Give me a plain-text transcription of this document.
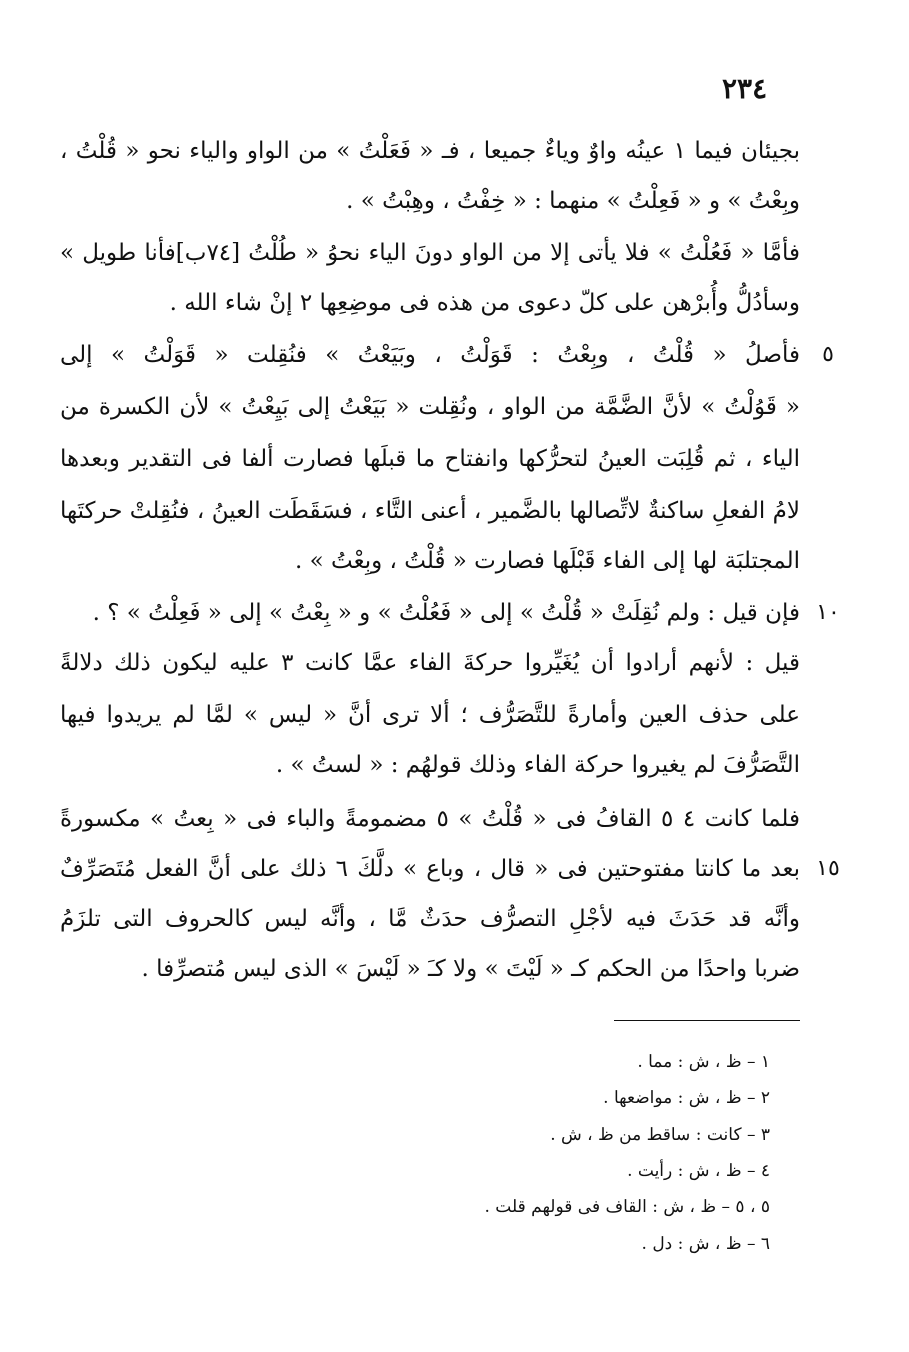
٢٣٤
بجيئان فيما ١ عينُه واوٌ وياءٌ جميعا ، فـ « فَعَلْتُ » من الواو والياء نحو « قُلْتُ ،
وبِعْتُ » و « فَعِلْتُ » منهما : « خِفْتُ ، وهِبْتُ » .
فأمَّا « فَعُلْتُ » فلا يأتى إلا من الواو دونَ الياء نحوُ « طُلْتُ [٧٤ب]فأنا طويل »
وسأدُلُّ وأُبرْهن على كلّ دعوى من هذه فى موضِعِها ٢ إنْ شاء الله .
فأصلُ « قُلْتُ ، وبِعْتُ : قَوَلْتُ ، وبَيَعْتُ » فنُقِلت « قَوَلْتُ » إلى
« قَوُلْتُ » لأنَّ الضَّمَّة من الواو ، ونُقِلت « بَيَعْتُ إلى بَيِعْتُ » لأن الكسرة من
الياء ، ثم قُلِبَت العينُ لتحرُّكها وانفتاح ما قبلَها فصارت ألفا فى التقدير وبعدها
لامُ الفعلِ ساكنةٌ لاتِّصالها بالضَّمير ، أعنى التَّاء ، فسَقَطَت العينُ ، فنُقِلتْ حركتَها
المجتلبَة لها إلى الفاء قَبْلَها فصارت « قُلْتُ ، وبِعْتُ » .
فإن قيل : ولم نُقِلَتْ « قُلْتُ » إلى « فَعُلْتُ » و « بِعْتُ » إلى « فَعِلْتُ » ؟ .
قيل : لأنهم أرادوا أن يُغَيِّروا حركةَ الفاء عمَّا كانت ٣ عليه ليكون ذلك دلالةً
على حذف العين وأمارةً للتَّصَرُّف ؛ ألا ترى أنَّ « ليس » لمَّا لم يريدوا فيها
التَّصَرُّفَ لم يغيروا حركة الفاء وذلك قولهُم : « لستُ » .
فلما كانت ٤ ٥ القافُ فى « قُلْتُ » ٥ مضمومةً والباء فى « بِعتُ » مكسورةً
بعد ما كانتا مفتوحتين فى « قال ، وباع » دلَّكَ ٦ ذلك على أنَّ الفعل مُتَصَرِّفٌ
وأنَّه قد حَدَثَ فيه لأجْلِ التصرُّف حدَثٌ مَّا ، وأنَّه ليس كالحروف التى تلزَمُ
ضربا واحدًا من الحكم كـ « لَيْتَ » ولا كـَ « لَيْسَ » الذى ليس مُتصرِّفا .
٥
١٠
١٥
١ – ظ ، ش : مما .
٢ – ظ ، ش : مواضعها .
٣ – كانت : ساقط من ظ ، ش .
٤ – ظ ، ش : رأيت .
٥ ، ٥ – ظ ، ش : القاف فى قولهم قلت .
٦ – ظ ، ش : دل .
